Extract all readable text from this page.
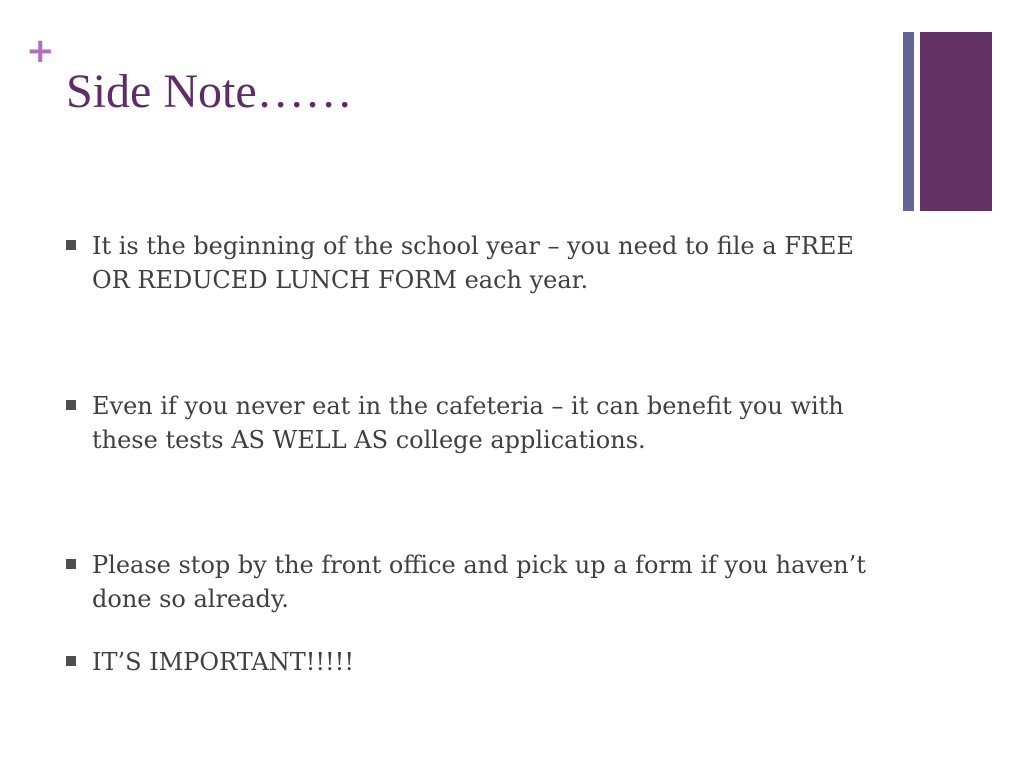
+
Side Note……
It is the beginning of the school year – you need to file a FREE OR REDUCED LUNCH FORM each year.
Even if you never eat in the cafeteria – it can benefit you with these tests AS WELL AS college applications.
Please stop by the front office and pick up a form if you haven’t done so already.
IT’S IMPORTANT!!!!!
